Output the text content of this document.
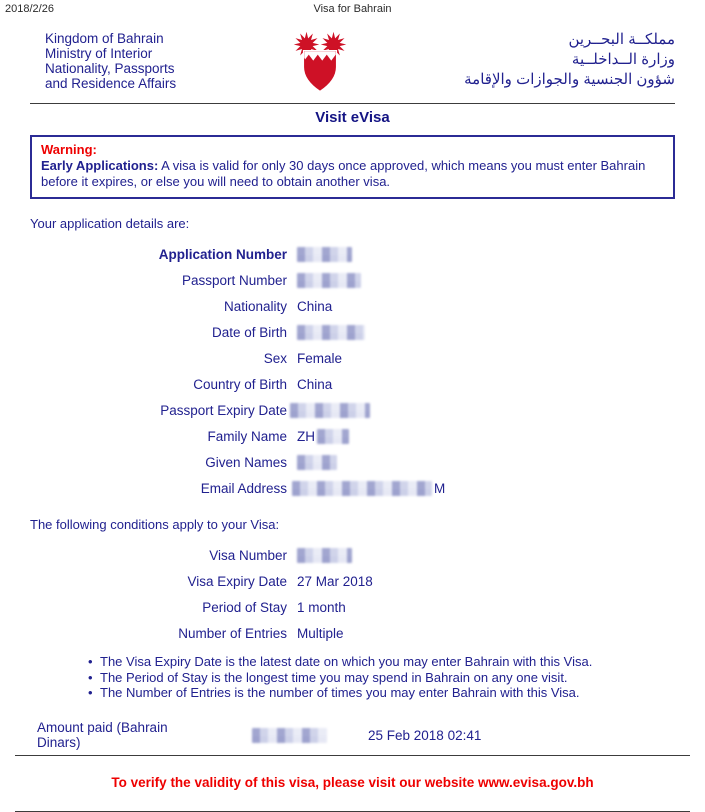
2018/2/26	Visa for Bahrain
Kingdom of Bahrain
Ministry of Interior
Nationality, Passports
and Residence Affairs
مملكــة البحــرين
وزارة الــداخلــية
شؤون الجنسية والجوازات والإقامة
Visit eVisa
Warning:
Early Applications: A visa is valid for only 30 days once approved, which means you must enter Bahrain before it expires, or else you will need to obtain another visa.
Your application details are:
Application Number
Passport Number
Nationality China
Date of Birth
Sex Female
Country of Birth China
Passport Expiry Date
Family Name ZH
Given Names
Email Address	M
The following conditions apply to your Visa:
Visa Number
Visa Expiry Date 27 Mar 2018
Period of Stay 1 month
Number of Entries Multiple
• The Visa Expiry Date is the latest date on which you may enter Bahrain with this Visa.
• The Period of Stay is the longest time you may spend in Bahrain on any one visit.
• The Number of Entries is the number of times you may enter Bahrain with this Visa.
Amount paid (Bahrain Dinars)	25 Feb 2018 02:41
To verify the validity of this visa, please visit our website www.evisa.gov.bh
